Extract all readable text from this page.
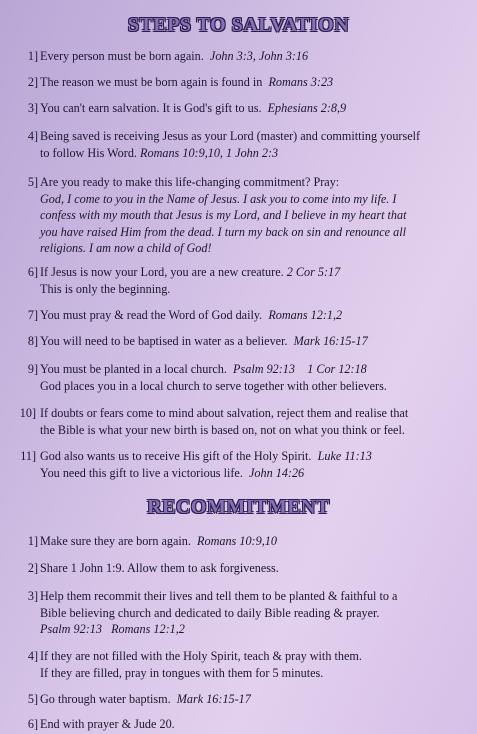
STEPS TO SALVATION
1] Every person must be born again. John 3:3, John 3:16
2] The reason we must be born again is found in Romans 3:23
3] You can't earn salvation. It is God's gift to us. Ephesians 2:8,9
4] Being saved is receiving Jesus as your Lord (master) and committing yourself
to follow His Word. Romans 10:9,10, 1 John 2:3
5] Are you ready to make this life-changing commitment? Pray:
God, I come to you in the Name of Jesus. I ask you to come into my life. I
confess with my mouth that Jesus is my Lord, and I believe in my heart that
you have raised Him from the dead. I turn my back on sin and renounce all
religions. I am now a child of God!
6] If Jesus is now your Lord, you are a new creature. 2 Cor 5:17
This is only the beginning.
7] You must pray & read the Word of God daily. Romans 12:1,2
8] You will need to be baptised in water as a believer. Mark 16:15-17
9] You must be planted in a local church. Psalm 92:13 1 Cor 12:18
God places you in a local church to serve together with other believers.
10] If doubts or fears come to mind about salvation, reject them and realise that
the Bible is what your new birth is based on, not on what you think or feel.
11] God also wants us to receive His gift of the Holy Spirit. Luke 11:13
You need this gift to live a victorious life. John 14:26
RECOMMITMENT
1] Make sure they are born again. Romans 10:9,10
2] Share 1 John 1:9. Allow them to ask forgiveness.
3] Help them recommit their lives and tell them to be planted & faithful to a
Bible believing church and dedicated to daily Bible reading & prayer.
Psalm 92:13 Romans 12:1,2
4] If they are not filled with the Holy Spirit, teach & pray with them.
If they are filled, pray in tongues with them for 5 minutes.
5] Go through water baptism. Mark 16:15-17
6] End with prayer & Jude 20.
